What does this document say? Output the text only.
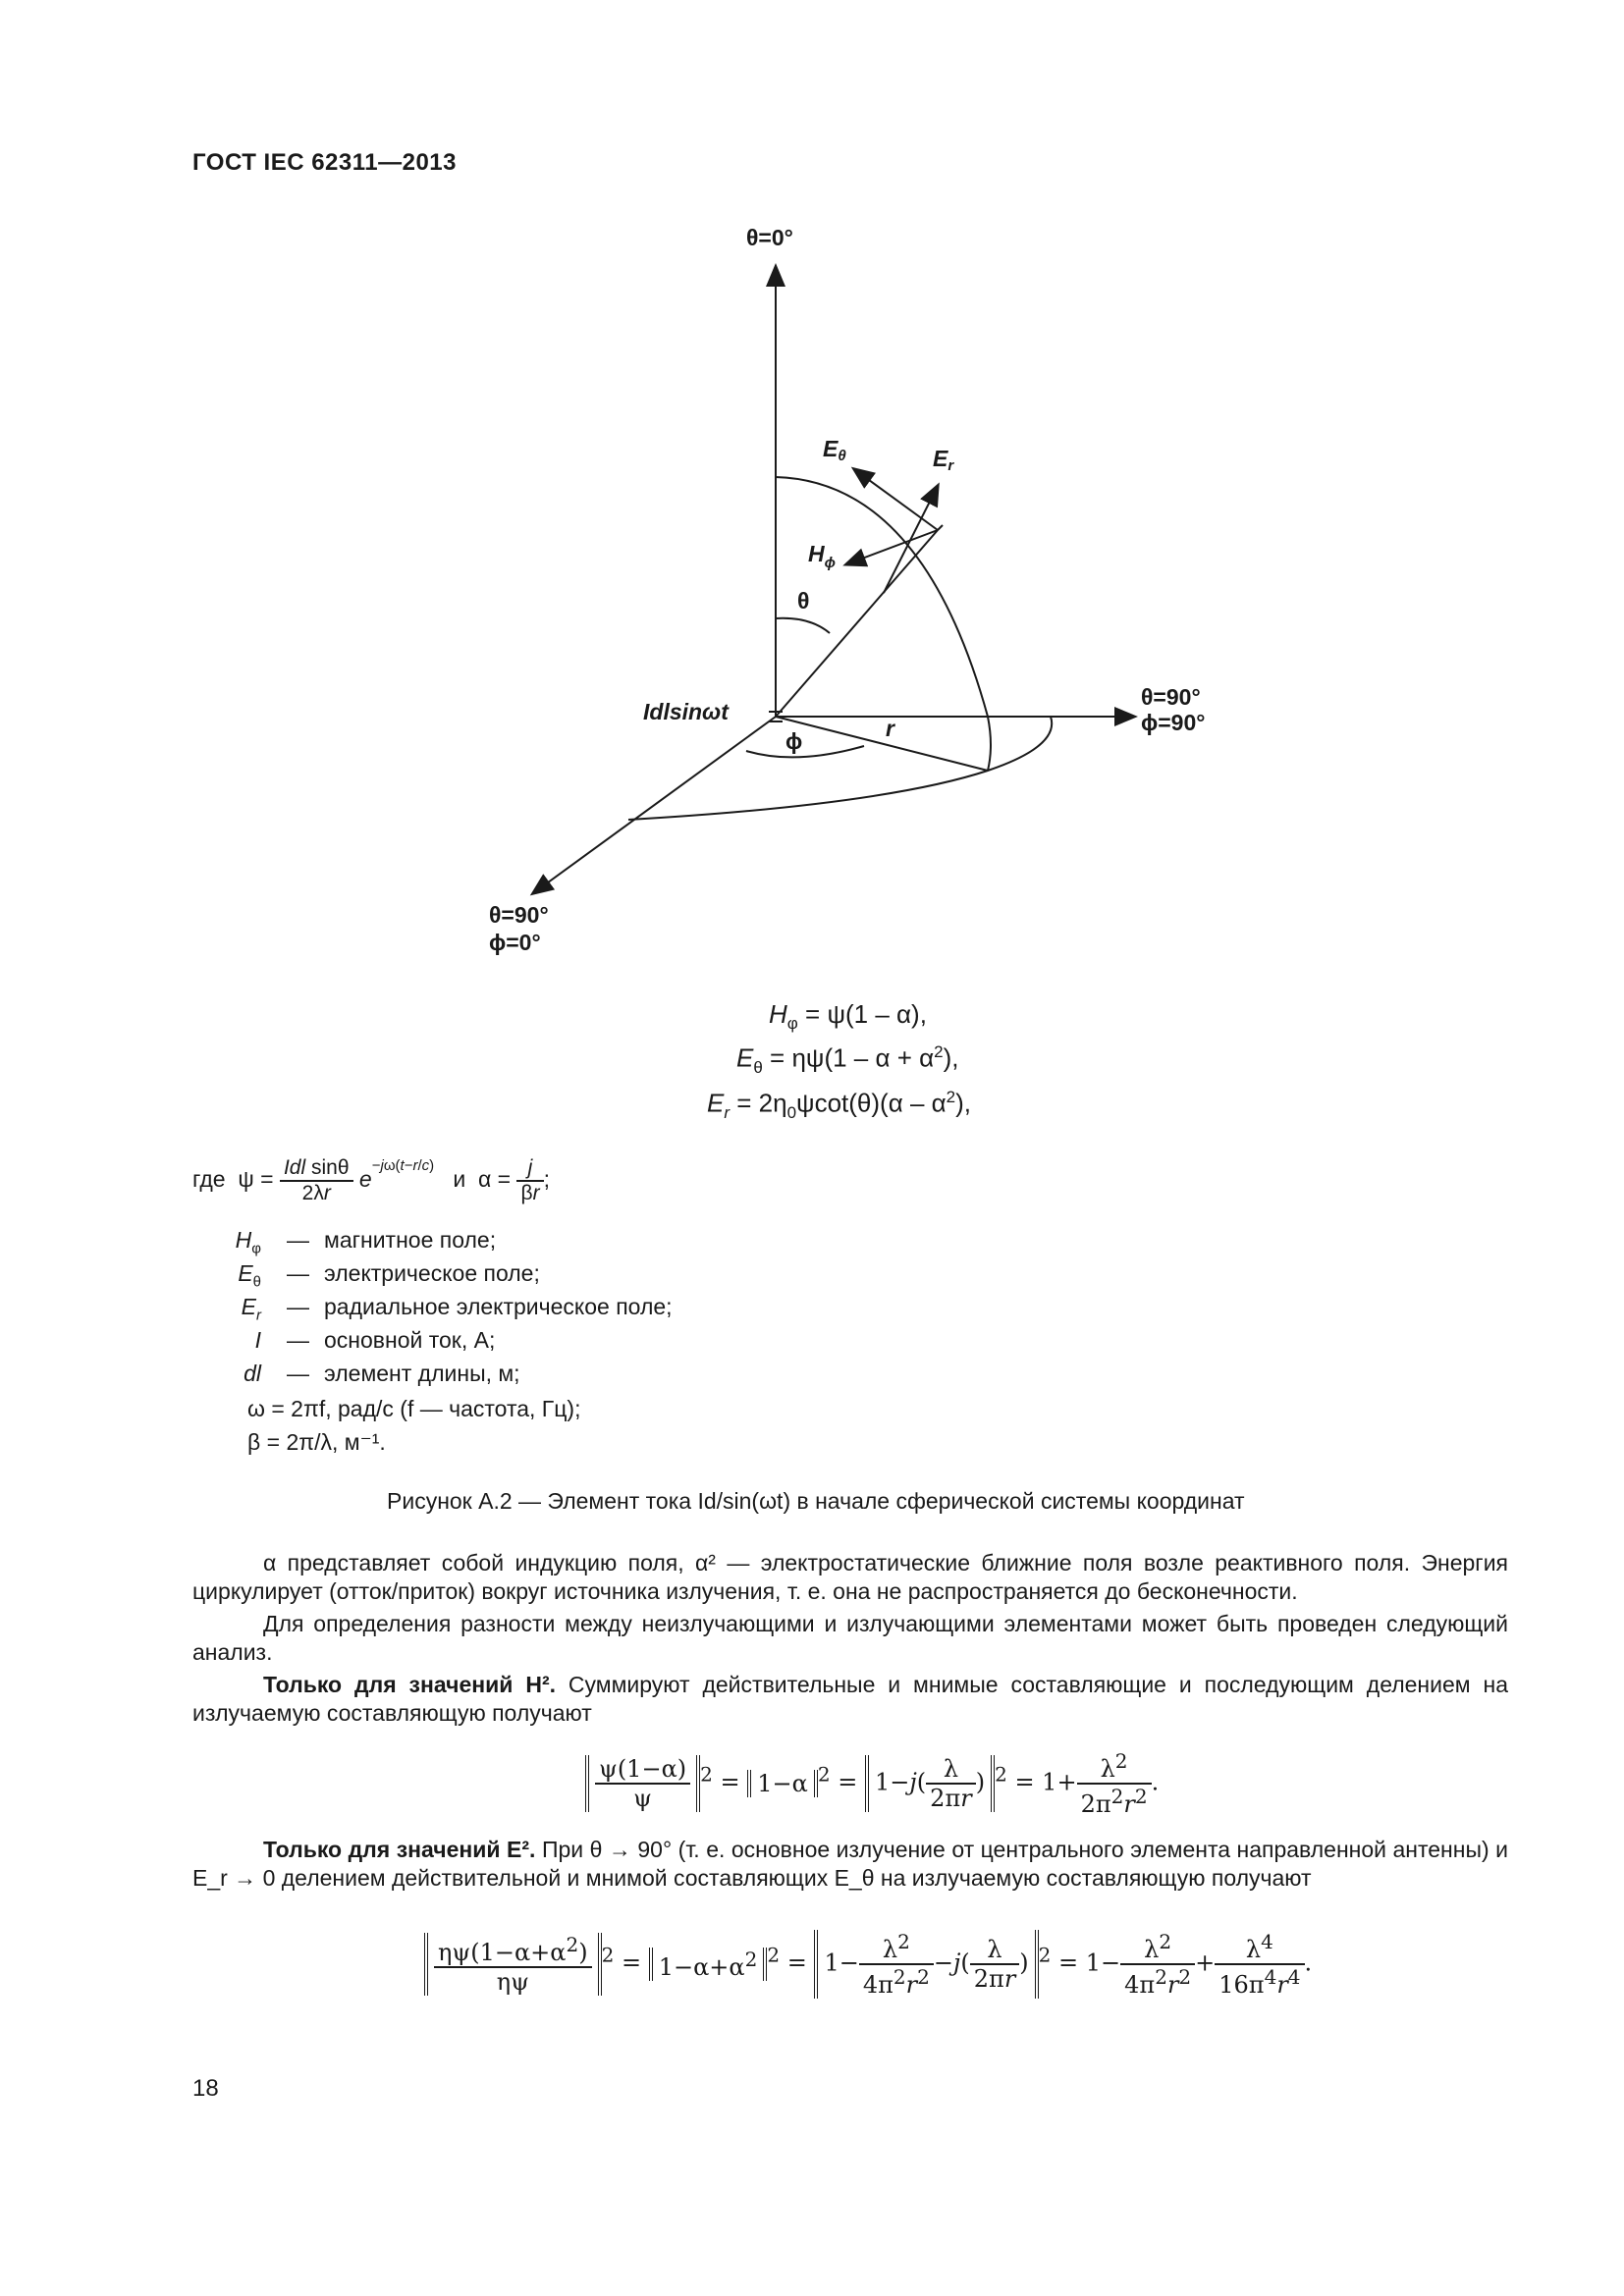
ГОСТ IEC 62311—2013
θ=0°
θ=90°
ϕ=90°
θ=90°
ϕ=0°
Idlsinωt
Eθ	Er
$H_\phi$
θ
ϕ	r
$H_\varphi = \psi(1 - \alpha)$,
$E_\theta = \eta\psi(1 - \alpha + \alpha^2)$,
$E_r = 2\eta_0\psi\cot(\theta)(\alpha - \alpha^2)$,
где  $\psi = \frac{\text{Idl sinθ}}{2\lambda r} e^{-j\omega(t-r/c)}$   и  $\alpha = \frac{j}{\beta r}$ ;
$H_\varphi$ — магнитное поле;
$E_\theta$ — электрическое поле;
$E_r$ — радиальное электрическое поле;
I — основной ток, А;
dl — элемент длины, м;
ω = 2πf, рад/с (f — частота, Гц);
β = 2π/λ, м⁻¹.
Рисунок А.2 — Элемент тока Id/sin(ωt) в начале сферической системы координат
α представляет собой индукцию поля, α² — электростатические ближние поля возле реактивного поля. Энергия циркулирует (отток/приток) вокруг источника излучения, т. е. она не распространяется до бесконечности.
Для определения разности между неизлучающими и излучающими элементами может быть проведен следующий анализ.
Только для значений H². Суммируют действительные и мнимые составляющие и последующим делением на излучаемую составляющую получают
$\frac{\psi(1-\alpha)}{\psi} ^2 = 1-\alpha$ $^2 = 1-j( \frac{\lambda}{2\pi r}$ ) $^2 = 1+ \frac{\lambda^2}{2\pi^2r^2}$ .
Только для значений E². При θ → 90° (т. е. основное излучение от центрального элемента направленной антенны) и E_r → 0 делением действительной и мнимой составляющих E_θ на излучаемую составляющую получают
$\frac{\eta\psi(1-\alpha+\alpha^2)}{\eta\psi} ^2 = 1-\alpha+\alpha^2$ $^2 = 1- \frac{\lambda^2}{4\pi^2r^2} -j( \frac{\lambda}{2\pi r}$ ) $^2 = 1- \frac{\lambda^2}{4\pi^2r^2} + \frac{\lambda^4}{16\pi^4r^4}$ .
18
